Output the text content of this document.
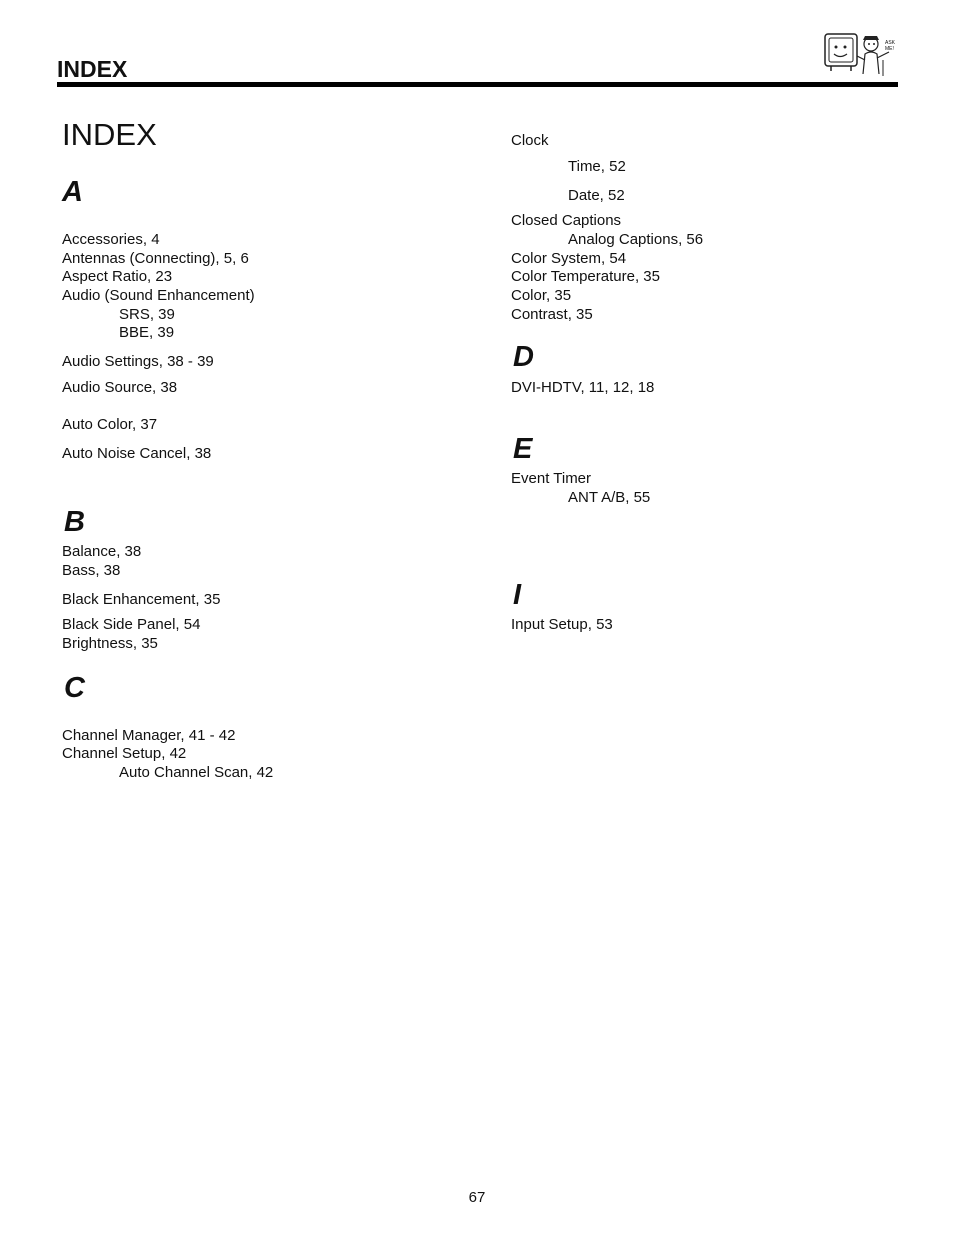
INDEX
ASK ME!
INDEX
A
Accessories, 4
Antennas (Connecting), 5, 6
Aspect Ratio, 23
Audio (Sound Enhancement)
SRS, 39
BBE, 39
Audio Settings, 38 - 39
Audio Source, 38
Auto Color, 37
Auto Noise Cancel, 38
B
Balance, 38
Bass, 38
Black Enhancement, 35
Black Side Panel, 54
Brightness, 35
C
Channel Manager, 41 - 42
Channel Setup, 42
Auto Channel Scan, 42
Clock
Time, 52
Date, 52
Closed Captions
Analog Captions, 56
Color System, 54
Color Temperature, 35
Color, 35
Contrast, 35
D
DVI-HDTV, 11, 12, 18
E
Event Timer
ANT A/B, 55
I
Input Setup, 53
67
